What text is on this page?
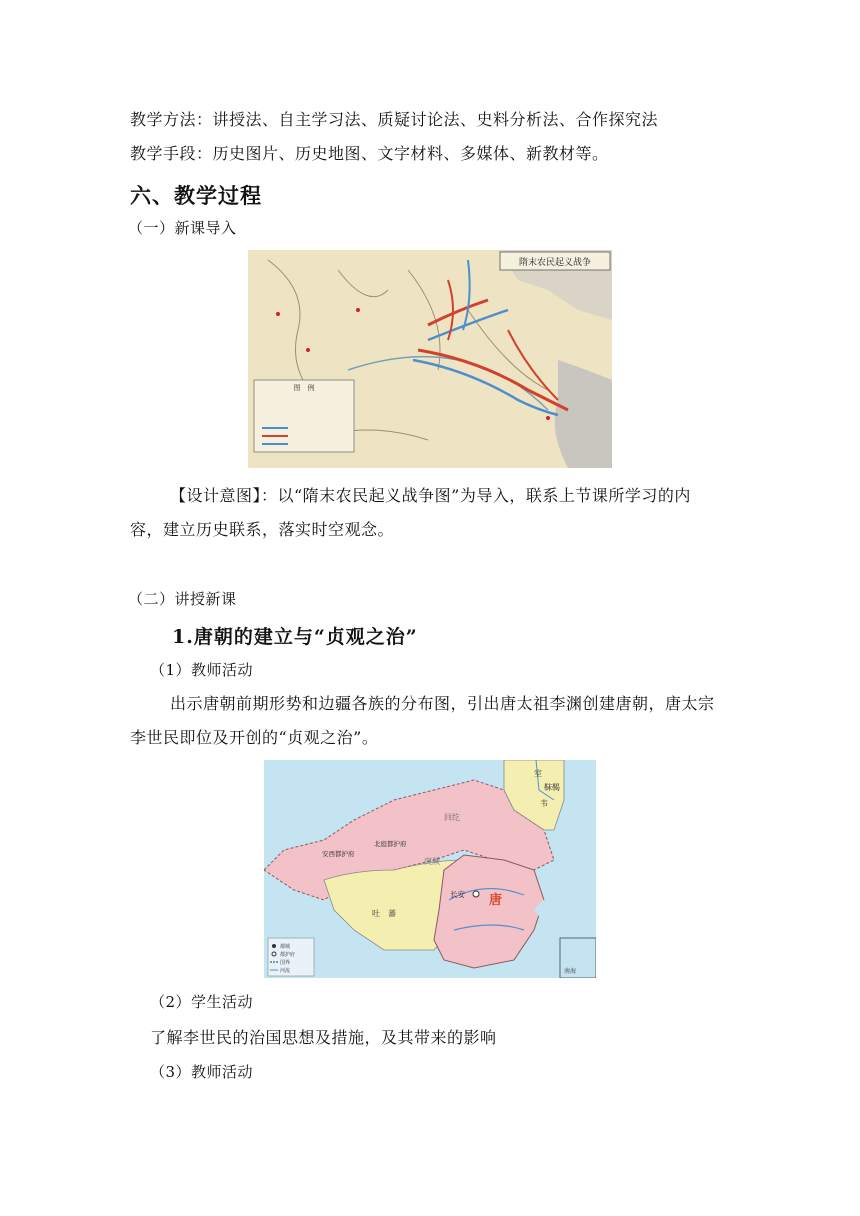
教学方法：讲授法、自主学习法、质疑讨论法、史料分析法、合作探究法
教学手段：历史图片、历史地图、文字材料、多媒体、新教材等。
六、教学过程
（一）新课导入
隋末农民起义战争
图　例
【设计意图】：以“隋末农民起义战争图”为导入，联系上节课所学习的内
容，建立历史联系，落实时空观念。
（二）讲授新课
1.唐朝的建立与“贞观之治”
（1）教师活动
出示唐朝前期形势和边疆各族的分布图，引出唐太祖李渊创建唐朝，唐太宗
李世民即位及开创的“贞观之治”。
唐
长安
吐　蕃
安西都护府
北庭都护府
室
韦
靺鞨
回纥
突厥
南海
都城
都护府
国界
河流
（2）学生活动
了解李世民的治国思想及措施，及其带来的影响
（3）教师活动
